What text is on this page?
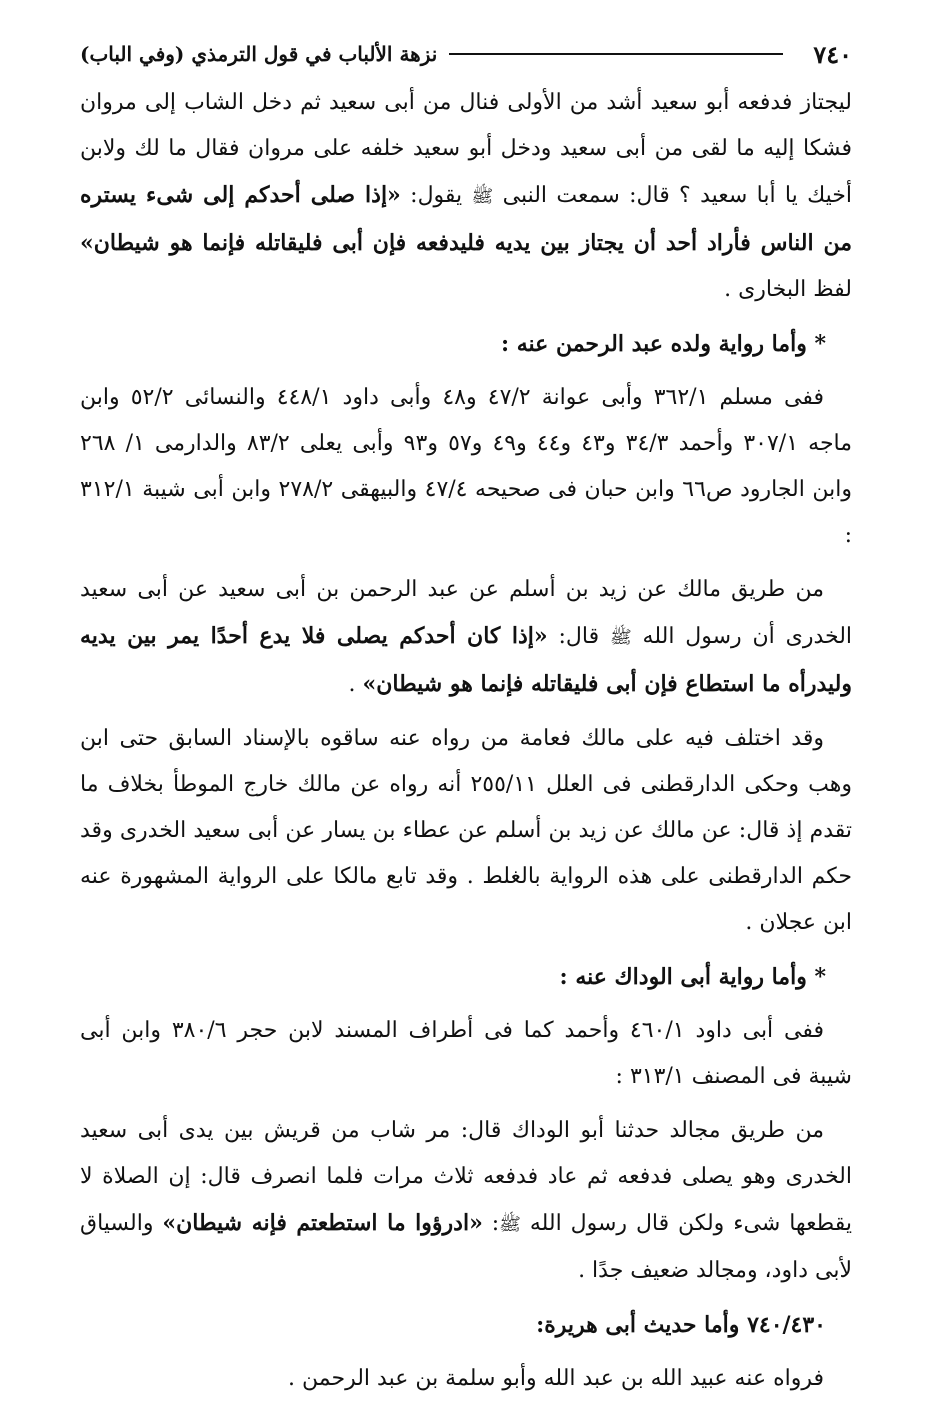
٧٤٠
نزهة الألباب في قول الترمذي (وفي الباب)

ليجتاز فدفعه أبو سعيد أشد من الأولى فنال من أبى سعيد ثم دخل الشاب إلى مروان فشكا إليه ما لقى من أبى سعيد ودخل أبو سعيد خلفه على مروان فقال ما لك ولابن أخيك يا أبا سعيد ؟ قال: سمعت النبى ﷺ يقول: «إذا صلى أحدكم إلى شىء يستره من الناس فأراد أحد أن يجتاز بين يديه فليدفعه فإن أبى فليقاتله فإنما هو شيطان» لفظ البخارى .

* وأما رواية ولده عبد الرحمن عنه :

ففى مسلم ٣٦٢/١ وأبى عوانة ٤٧/٢ و٤٨ وأبى داود ٤٤٨/١ والنسائى ٥٢/٢ وابن ماجه ٣٠٧/١ وأحمد ٣٤/٣ و٤٣ و٤٤ و٤٩ و٥٧ و٩٣ وأبى يعلى ٨٣/٢ والدارمى ١/ ٢٦٨ وابن الجارود ص٦٦ وابن حبان فى صحيحه ٤٧/٤ والبيهقى ٢٧٨/٢ وابن أبى شيبة ٣١٢/١ :

من طريق مالك عن زيد بن أسلم عن عبد الرحمن بن أبى سعيد عن أبى سعيد الخدرى أن رسول الله ﷺ قال: «إذا كان أحدكم يصلى فلا يدع أحدًا يمر بين يديه وليدرأه ما استطاع فإن أبى فليقاتله فإنما هو شيطان» .

وقد اختلف فيه على مالك فعامة من رواه عنه ساقوه بالإسناد السابق حتى ابن وهب وحكى الدارقطنى فى العلل ٢٥٥/١١ أنه رواه عن مالك خارج الموطأ بخلاف ما تقدم إذ قال: عن مالك عن زيد بن أسلم عن عطاء بن يسار عن أبى سعيد الخدرى وقد حكم الدارقطنى على هذه الرواية بالغلط . وقد تابع مالكا على الرواية المشهورة عنه ابن عجلان .

* وأما رواية أبى الوداك عنه :

ففى أبى داود ٤٦٠/١ وأحمد كما فى أطراف المسند لابن حجر ٣٨٠/٦ وابن أبى شيبة فى المصنف ٣١٣/١ :

من طريق مجالد حدثنا أبو الوداك قال: مر شاب من قريش بين يدى أبى سعيد الخدرى وهو يصلى فدفعه ثم عاد فدفعه ثلاث مرات فلما انصرف قال: إن الصلاة لا يقطعها شىء ولكن قال رسول الله ﷺ: «ادرؤوا ما استطعتم فإنه شيطان» والسياق لأبى داود، ومجالد ضعيف جدًا .

٧٤٠/٤٣٠ وأما حديث أبى هريرة:

فرواه عنه عبيد الله بن عبد الله وأبو سلمة بن عبد الرحمن .
